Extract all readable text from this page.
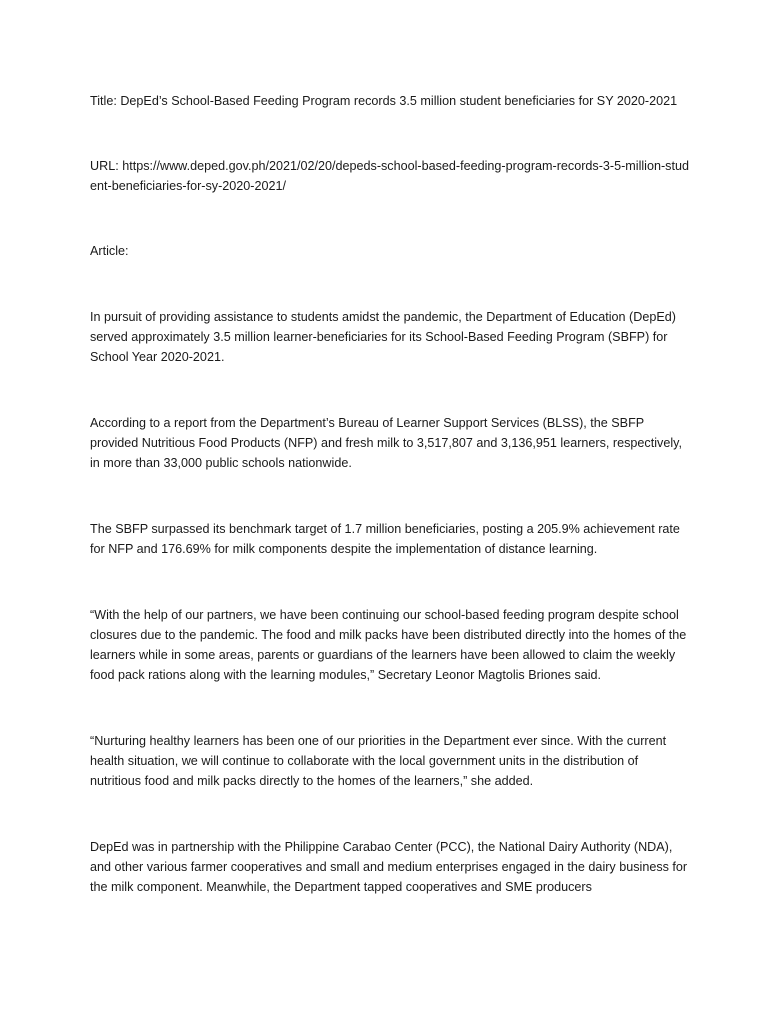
Title: DepEd’s School-Based Feeding Program records 3.5 million student beneficiaries for SY 2020-2021

URL: https://www.deped.gov.ph/2021/02/20/depeds-school-based-feeding-program-records-3-5-million-student-beneficiaries-for-sy-2020-2021/

Article:

In pursuit of providing assistance to students amidst the pandemic, the Department of Education (DepEd) served approximately 3.5 million learner-beneficiaries for its School-Based Feeding Program (SBFP) for School Year 2020-2021.

According to a report from the Department’s Bureau of Learner Support Services (BLSS), the SBFP provided Nutritious Food Products (NFP) and fresh milk to 3,517,807 and 3,136,951 learners, respectively, in more than 33,000 public schools nationwide.

The SBFP surpassed its benchmark target of 1.7 million beneficiaries, posting a 205.9% achievement rate for NFP and 176.69% for milk components despite the implementation of distance learning.

“With the help of our partners, we have been continuing our school-based feeding program despite school closures due to the pandemic. The food and milk packs have been distributed directly into the homes of the learners while in some areas, parents or guardians of the learners have been allowed to claim the weekly food pack rations along with the learning modules,” Secretary Leonor Magtolis Briones said.

“Nurturing healthy learners has been one of our priorities in the Department ever since. With the current health situation, we will continue to collaborate with the local government units in the distribution of nutritious food and milk packs directly to the homes of the learners,” she added.

DepEd was in partnership with the Philippine Carabao Center (PCC), the National Dairy Authority (NDA), and other various farmer cooperatives and small and medium enterprises engaged in the dairy business for the milk component. Meanwhile, the Department tapped cooperatives and SME producers
